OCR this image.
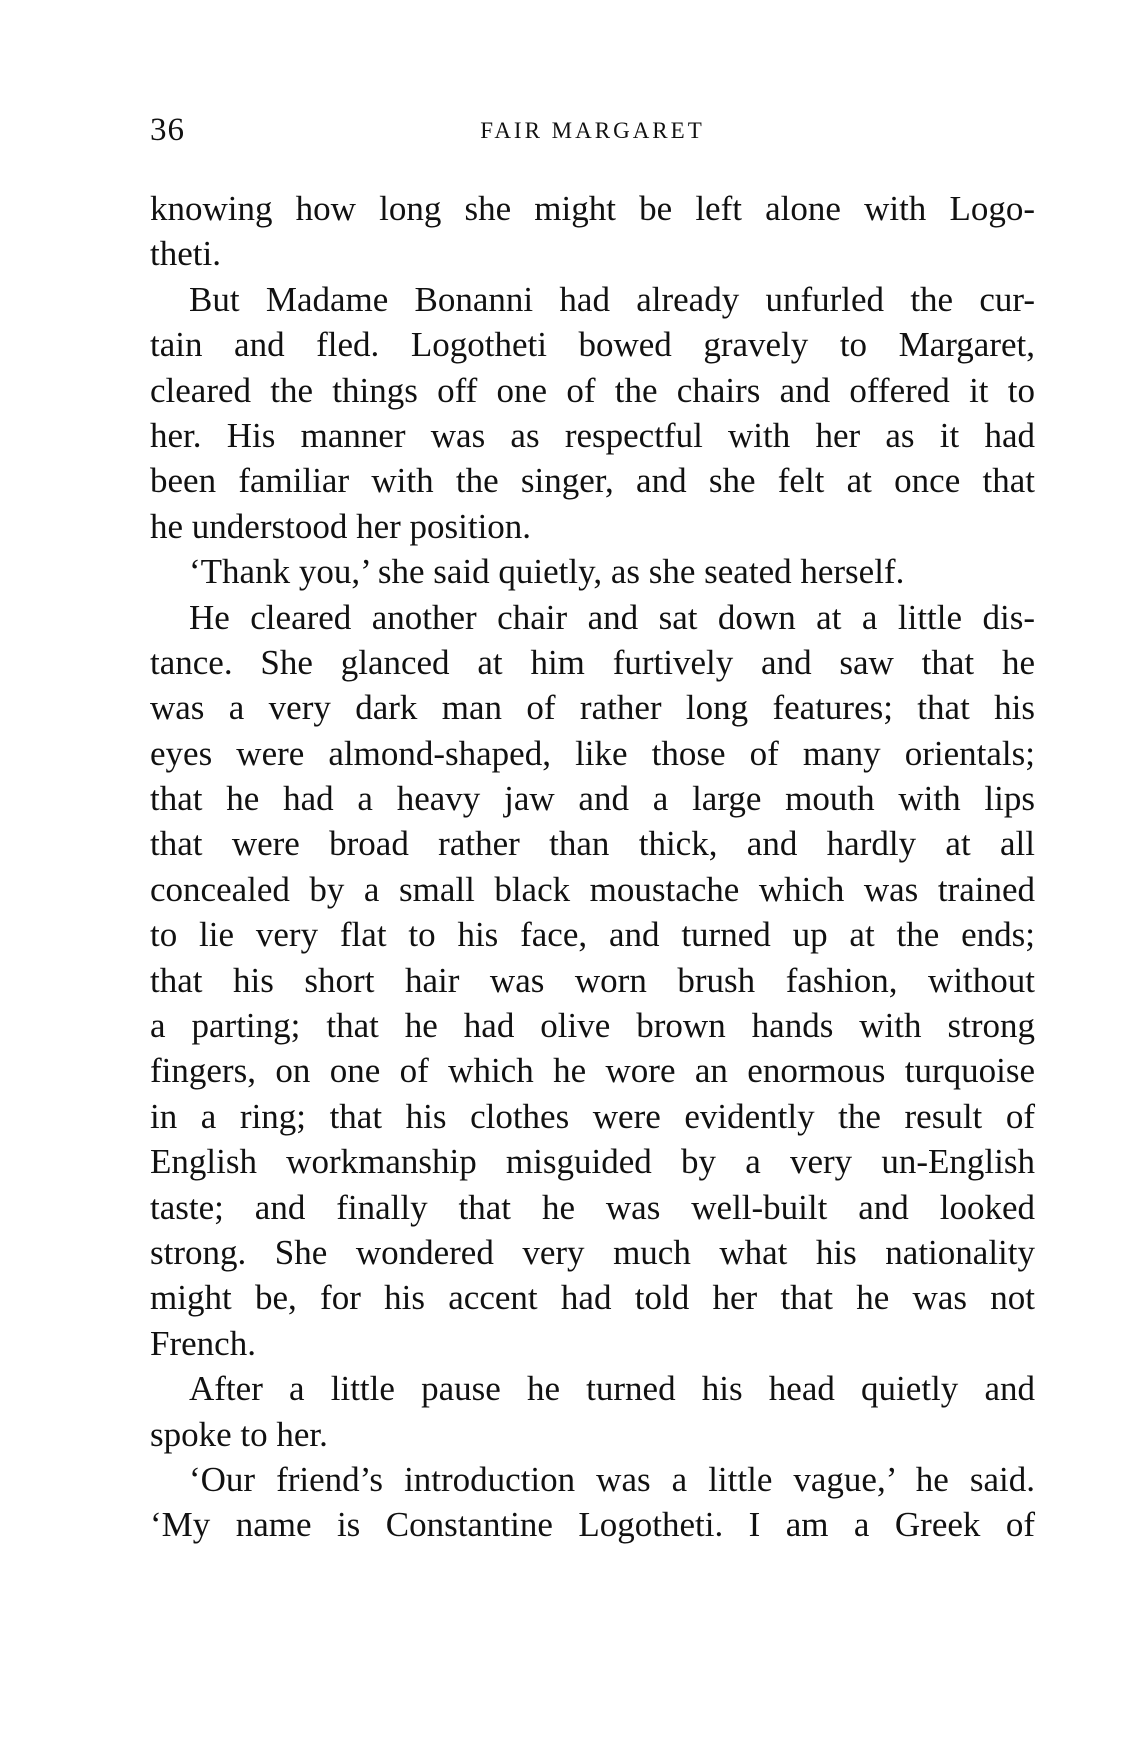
36	FAIR MARGARET
knowing how long she might be left alone with Logo-
theti.
But Madame Bonanni had already unfurled the cur-
tain and fled. Logotheti bowed gravely to Margaret,
cleared the things off one of the chairs and offered it to
her. His manner was as respectful with her as it had
been familiar with the singer, and she felt at once that
he understood her position.
‘Thank you,’ she said quietly, as she seated herself.
He cleared another chair and sat down at a little dis-
tance. She glanced at him furtively and saw that he
was a very dark man of rather long features; that his
eyes were almond-shaped, like those of many orientals;
that he had a heavy jaw and a large mouth with lips
that were broad rather than thick, and hardly at all
concealed by a small black moustache which was trained
to lie very flat to his face, and turned up at the ends;
that his short hair was worn brush fashion, without
a parting; that he had olive brown hands with strong
fingers, on one of which he wore an enormous turquoise
in a ring; that his clothes were evidently the result of
English workmanship misguided by a very un-English
taste; and finally that he was well-built and looked
strong. She wondered very much what his nationality
might be, for his accent had told her that he was not
French.
After a little pause he turned his head quietly and
spoke to her.
‘Our friend’s introduction was a little vague,’ he said.
‘My name is Constantine Logotheti. I am a Greek of
